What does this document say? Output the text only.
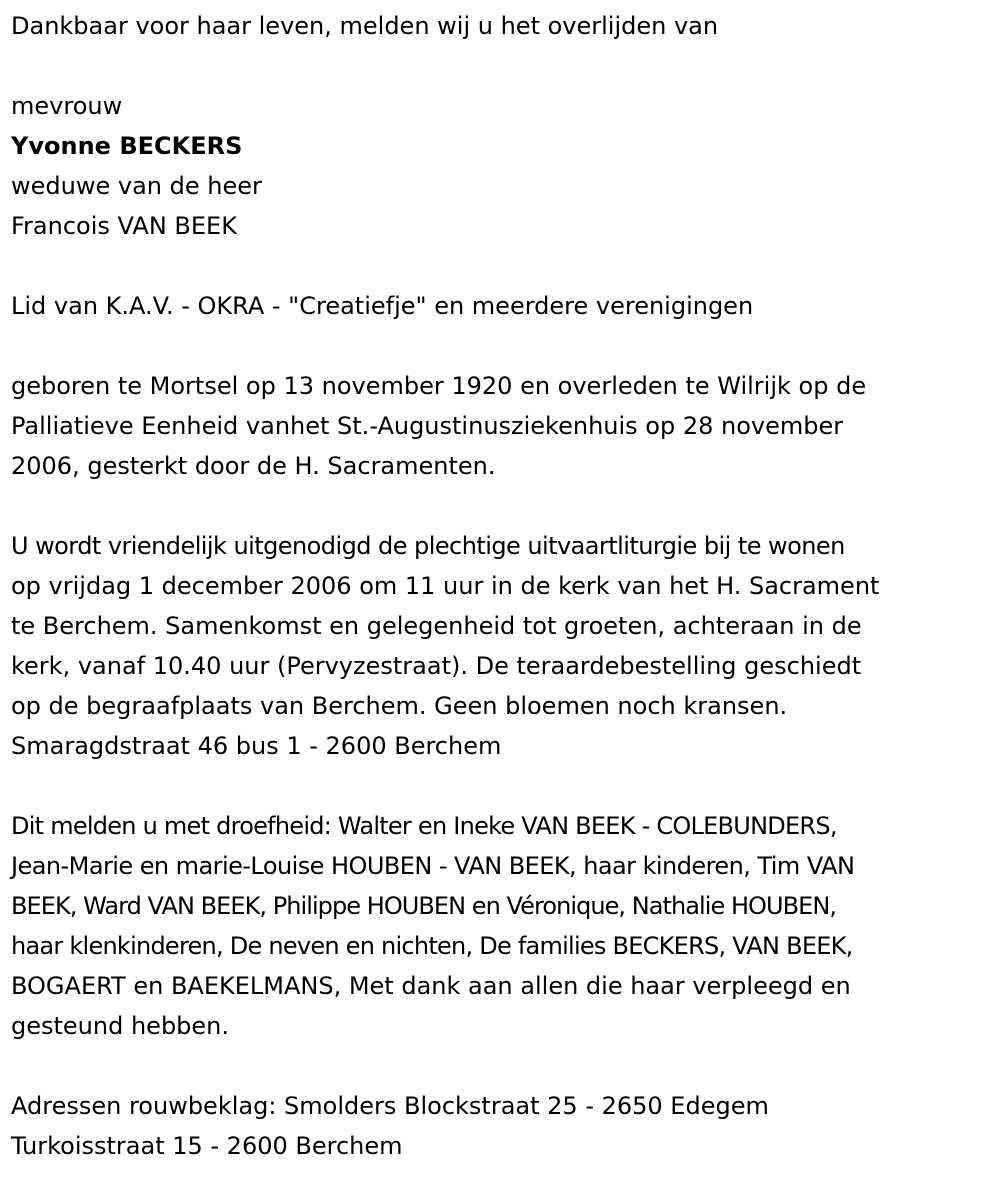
Dankbaar voor haar leven, melden wij u het overlijden van
mevrouw
Yvonne BECKERS
weduwe van de heer
Francois VAN BEEK
Lid van K.A.V. - OKRA - "Creatiefje" en meerdere verenigingen
geboren te Mortsel op 13 november 1920 en overleden te Wilrijk op de
Palliatieve Eenheid vanhet St.-Augustinusziekenhuis op 28 november
2006, gesterkt door de H. Sacramenten.
U wordt vriendelijk uitgenodigd de plechtige uitvaartliturgie bij te wonen
op vrijdag 1 december 2006 om 11 uur in de kerk van het H. Sacrament
te Berchem. Samenkomst en gelegenheid tot groeten, achteraan in de
kerk, vanaf 10.40 uur (Pervyzestraat). De teraardebestelling geschiedt
op de begraafplaats van Berchem. Geen bloemen noch kransen.
Smaragdstraat 46 bus 1 - 2600 Berchem
Dit melden u met droefheid: Walter en Ineke VAN BEEK - COLEBUNDERS,
Jean-Marie en marie-Louise HOUBEN - VAN BEEK, haar kinderen, Tim VAN
BEEK, Ward VAN BEEK, Philippe HOUBEN en Véronique, Nathalie HOUBEN,
haar klenkinderen, De neven en nichten, De families BECKERS, VAN BEEK,
BOGAERT en BAEKELMANS, Met dank aan allen die haar verpleegd en
gesteund hebben.
Adressen rouwbeklag: Smolders Blockstraat 25 - 2650 Edegem
Turkoisstraat 15 - 2600 Berchem
